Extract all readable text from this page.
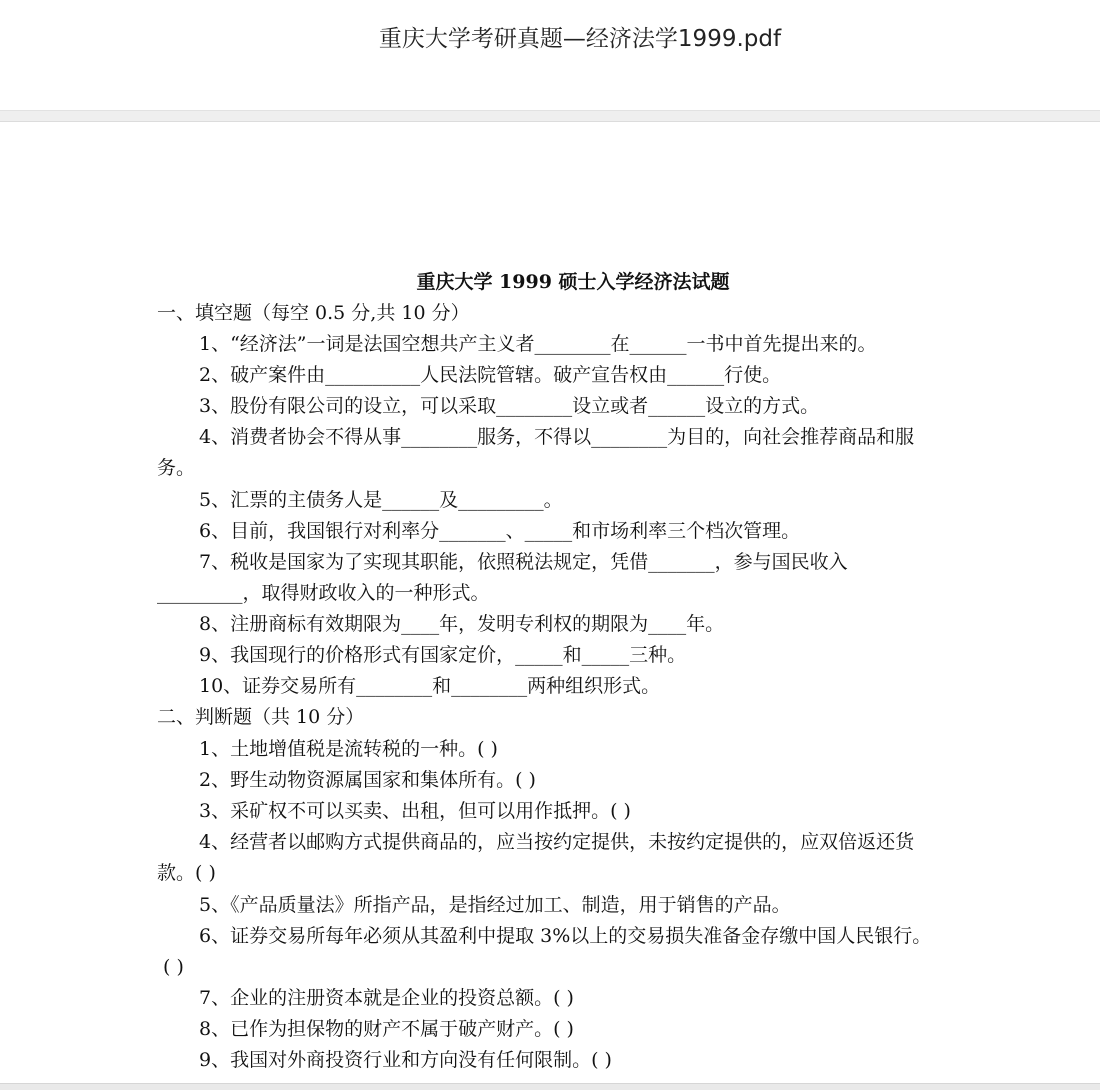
重庆大学考研真题—经济法学1999.pdf
重庆大学 1999 硕士入学经济法试题
一、填空题（每空 0.5 分,共 10 分）
1、“经济法”一词是法国空想共产主义者________在______一书中首先提出来的。
2、破产案件由__________人民法院管辖。破产宣告权由______行使。
3、股份有限公司的设立，可以采取________设立或者______设立的方式。
4、消费者协会不得从事________服务，不得以________为目的，向社会推荐商品和服
务。
5、汇票的主债务人是______及_________。
6、目前，我国银行对利率分_______、_____和市场利率三个档次管理。
7、税收是国家为了实现其职能，依照税法规定，凭借_______，参与国民收入
_________，取得财政收入的一种形式。
8、注册商标有效期限为____年，发明专利权的期限为____年。
9、我国现行的价格形式有国家定价，_____和_____三种。
10、证券交易所有________和________两种组织形式。
二、判断题（共 10 分）
1、土地增值税是流转税的一种。( )
2、野生动物资源属国家和集体所有。( )
3、采矿权不可以买卖、出租，但可以用作抵押。( )
4、经营者以邮购方式提供商品的，应当按约定提供，未按约定提供的，应双倍返还货
款。( )
5、《产品质量法》所指产品，是指经过加工、制造，用于销售的产品。
6、证券交易所每年必须从其盈利中提取 3%以上的交易损失准备金存缴中国人民银行。
( )
7、企业的注册资本就是企业的投资总额。( )
8、已作为担保物的财产不属于破产财产。( )
9、我国对外商投资行业和方向没有任何限制。( )
